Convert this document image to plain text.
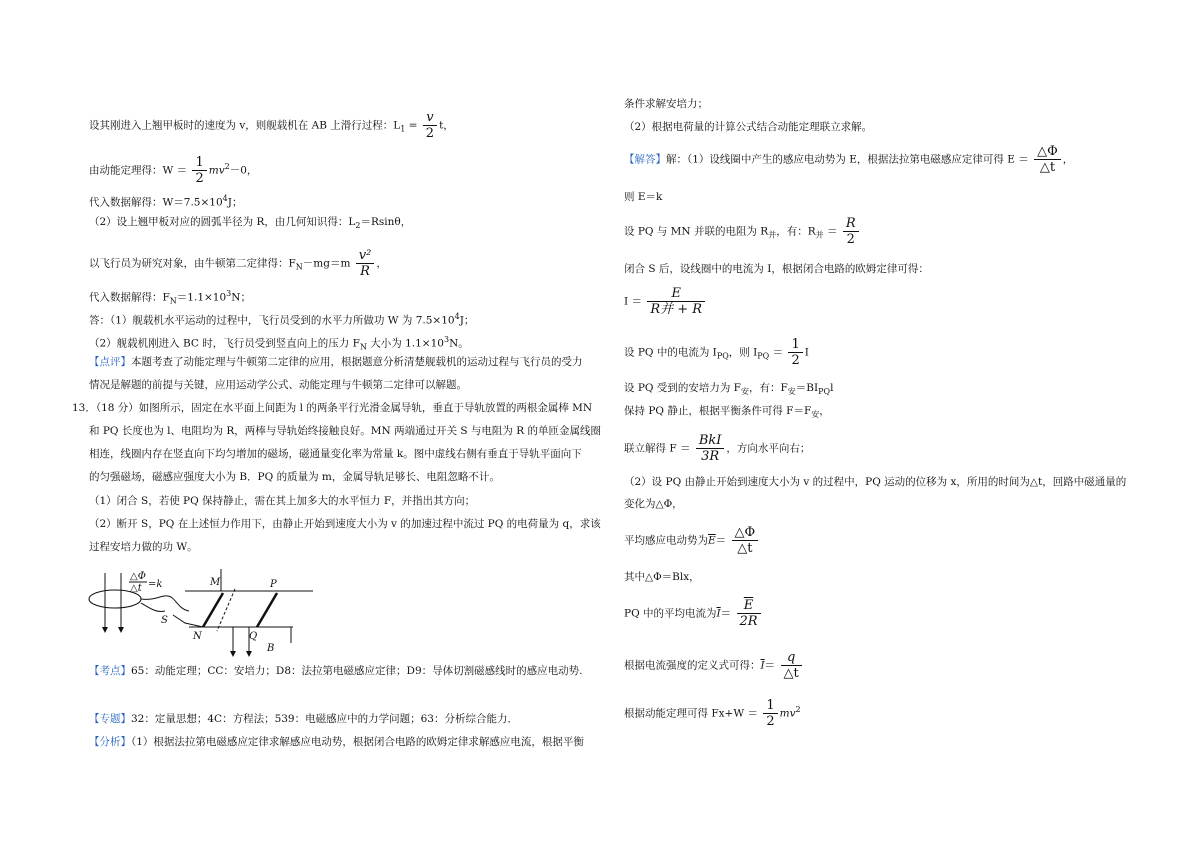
设其刚进入上翘甲板时的速度为 v，则舰载机在 AB 上滑行过程：$L_1 = \frac{v}{2}$ t，
由动能定理得：$W = \frac{1}{2} mv^2-0$，
代入数据解得：$W=7.5\times 10^4J$；
（2）设上翘甲板对应的圆弧半径为 R，由几何知识得：$L_2=Rsin\theta$，
以飞行员为研究对象，由牛顿第二定律得：$F_N-mg=m \frac{\text{v²}}{R}$ ，
代入数据解得：$F_N=1.1\times 10^3N$；
答：（1）舰载机水平运动的过程中，飞行员受到的水平力所做功 W 为 $7.5\times 10^4J$；
（2）舰载机刚进入 BC 时，飞行员受到竖直向上的压力 $F_N$ 大小为 $1.1\times 10^3N$。
【点评】本题考查了动能定理与牛顿第二定律的应用，根据题意分析清楚舰载机的运动过程与飞行员的受力
情况是解题的前提与关键，应用运动学公式、动能定理与牛顿第二定律可以解题。
13．（18 分）如图所示，固定在水平面上间距为 l 的两条平行光滑金属导轨，垂直于导轨放置的两根金属棒 MN
和 PQ 长度也为 l、电阻均为 R，两棒与导轨始终接触良好。MN 两端通过开关 S 与电阻为 R 的单匝金属线圈
相连，线圈内存在竖直向下均匀增加的磁场，磁通量变化率为常量 k。图中虚线右侧有垂直于导轨平面向下
的匀强磁场，磁感应强度大小为 B．PQ 的质量为 m，金属导轨足够长、电阻忽略不计。
（1）闭合 S，若使 PQ 保持静止，需在其上加多大的水平恒力 F，并指出其方向；
（2）断开 S，PQ 在上述恒力作用下，由静止开始到速度大小为 v 的加速过程中流过 PQ 的电荷量为 q，求该
过程安培力做的功 W。
△Φ
△t =k	M	P
S
N	Q
B
【考点】65：动能定理；CC：安培力；D8：法拉第电磁感应定律；D9：导体切割磁感线时的感应电动势.
【专题】32：定量思想；4C：方程法；539：电磁感应中的力学问题；63：分析综合能力．
【分析】（1）根据法拉第电磁感应定律求解感应电动势，根据闭合电路的欧姆定律求解感应电流，根据平衡
条件求解安培力；
（2）根据电荷量的计算公式结合动能定理联立求解。
【解答】解：（1）设线圈中产生的感应电动势为 E，根据法拉第电磁感应定律可得 $E = \frac{\triangle\Phi}{\triangle t}$ ，
则 E＝k
设 PQ 与 MN 并联的电阻为 $R_并$，有：$R_并 = \frac{R}{2}$
闭合 S 后，设线圈中的电流为 I，根据闭合电路的欧姆定律可得：
$I = \frac{E}{\text{R并 + R}}$
设 PQ 中的电流为 $I_{PQ}$，则 $I_{PQ} = \frac{1}{2}$ I
设 PQ 受到的安培力为 $F_安$，有：$F_安=BI_{PQ}l$
保持 PQ 静止，根据平衡条件可得 $F=F_安$，
联立解得 $F = \frac{\text{BkI}}{3R}$ ，方向水平向右；
（2）设 PQ 由静止开始到速度大小为 v 的过程中，PQ 运动的位移为 x，所用的时间为△t，回路中磁通量的
变化为△Φ，
平均感应电动势为$\overline{E}= \frac{\triangle\Phi}{\triangle t}$
其中△Φ＝Blx，
PQ 中的平均电流为$\overline{I}= \frac{\overline{E}}{2R}$
根据电流强度的定义式可得：$\overline{I}= \frac{q}{\triangle t}$
根据动能定理可得 $Fx+W = \frac{1}{2} mv^2$
